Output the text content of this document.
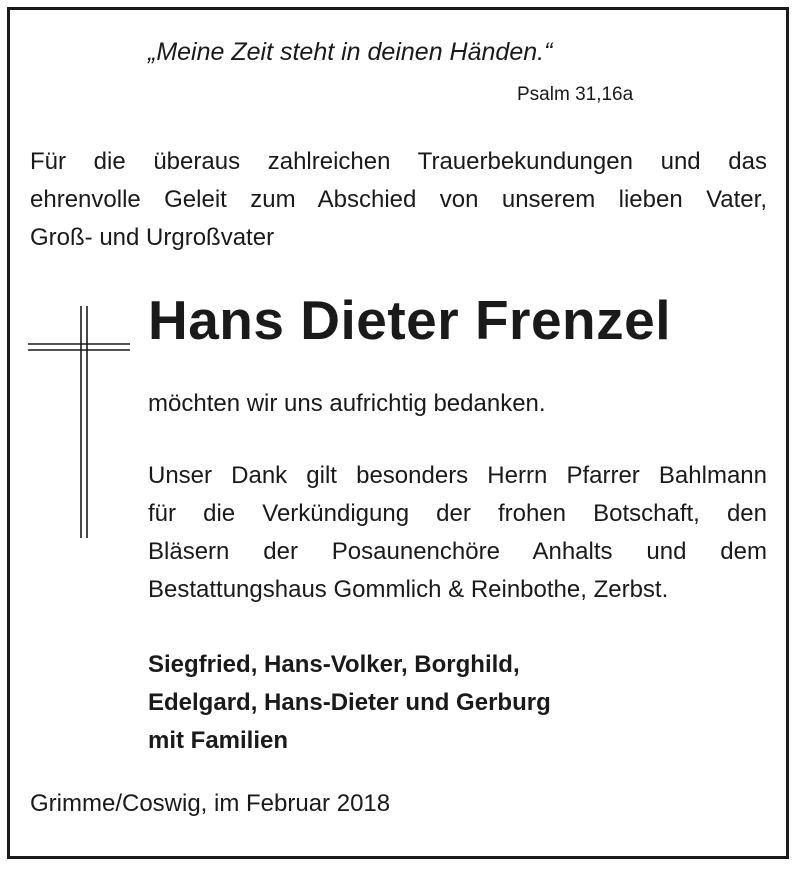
„Meine Zeit steht in deinen Händen.“
Psalm 31,16a
Für die überaus zahlreichen Trauerbekundungen und das
ehrenvolle Geleit zum Abschied von unserem lieben Vater,
Groß- und Urgroßvater
Hans Dieter Frenzel
möchten wir uns aufrichtig bedanken.
Unser Dank gilt besonders Herrn Pfarrer Bahlmann
für die Verkündigung der frohen Botschaft, den
Bläsern der Posaunenchöre Anhalts und dem
Bestattungshaus Gommlich & Reinbothe, Zerbst.
Siegfried, Hans-Volker, Borghild,
Edelgard, Hans-Dieter und Gerburg
mit Familien
Grimme/Coswig, im Februar 2018
